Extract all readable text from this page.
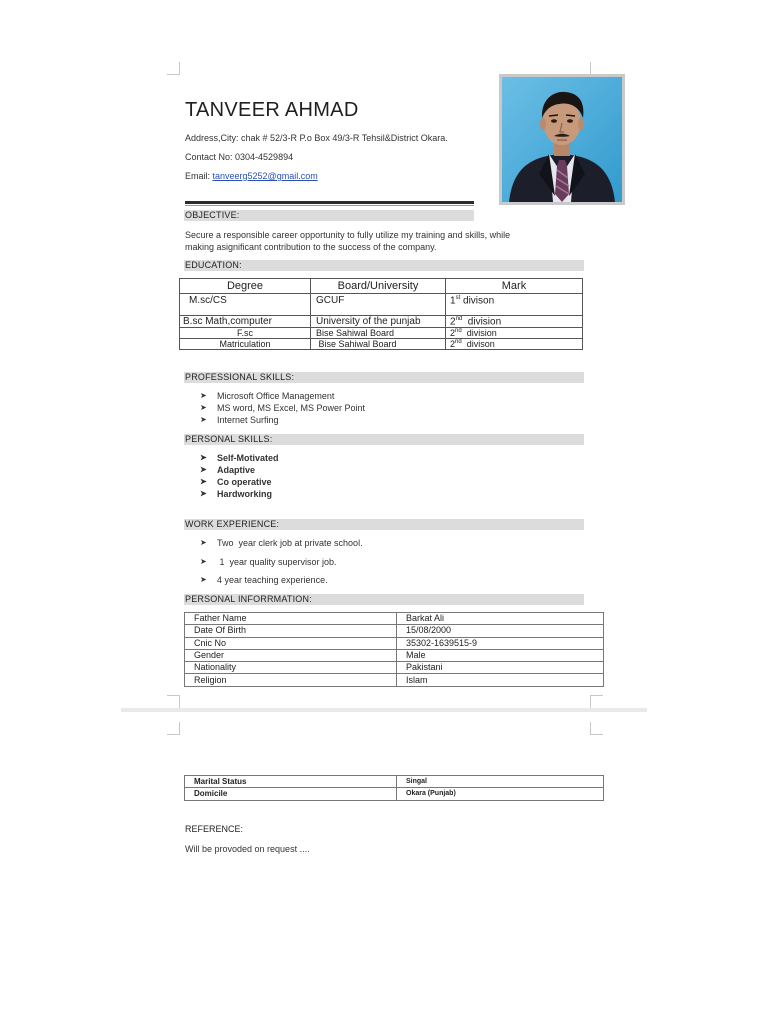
TANVEER AHMAD
Address,City: chak # 52/3-R P.o Box 49/3-R Tehsil&District Okara.
Contact No: 0304-4529894
Email: tanveerg5252@gmail.com
OBJECTIVE:
Secure a responsible career opportunity to fully utilize my training and skills, while
making asignificant contribution to the success of the company.
EDUCATION:
Degree	Board/University	Mark
M.sc/CS	GCUF	1st divison
B.sc Math,computer	University of the punjab	2nd  division
F.sc	Bise Sahiwal Board	2nd  division
Matriculation	Bise Sahiwal Board	2nd  divison
PROFESSIONAL SKILLS:
➤ Microsoft Office Management
➤ MS word, MS Excel, MS Power Point
➤ Internet Surfing
PERSONAL SKILLS:
➤ Self-Motivated
➤ Adaptive
➤ Co operative
➤ Hardworking
WORK EXPERIENCE:
➤ Two  year clerk job at private school.
➤ 1  year quality supervisor job.
➤ 4 year teaching experience.
PERSONAL INFORRMATION:
Father Name	Barkat Ali
Date Of Birth	15/08/2000
Cnic No	35302-1639515-9
Gender	Male
Nationality	Pakistani
Religion	Islam
Marital Status	Singal
Domicile	Okara (Punjab)
REFERENCE:
Will be provoded on request ....
